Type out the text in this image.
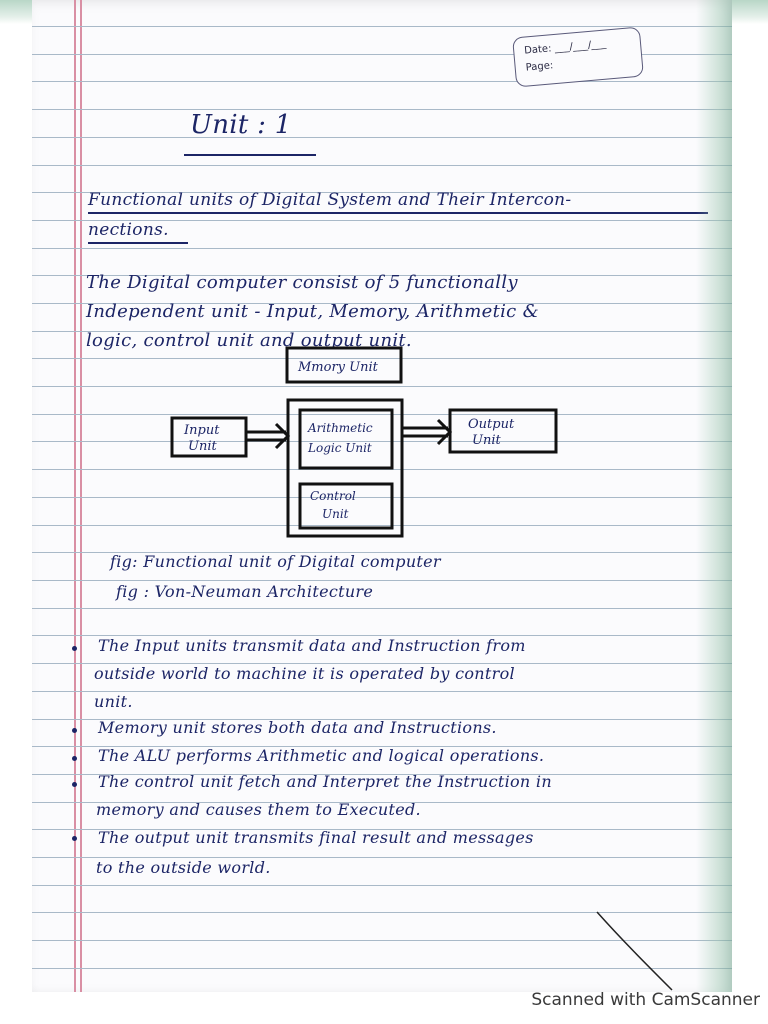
Date: ___/___/___
Page:
Unit : 1
Functional units of Digital System and Their Intercon-
nections.
The Digital computer consist of 5 functionally
Independent unit - Input, Memory, Arithmetic &
logic, control unit and output unit.
Mmory Unit
Input
Unit
Arithmetic
Logic Unit
Control
Unit
Output
Unit
fig: Functional unit of Digital computer
fig : Von-Neuman Architecture
The Input units transmit data and Instruction from
outside world to machine it is operated by control
unit.
Memory unit stores both data and Instructions.
The ALU performs Arithmetic and logical operations.
The control unit fetch and Interpret the Instruction in
memory and causes them to Executed.
The output unit transmits final result and messages
to the outside world.
Scanned with CamScanner
